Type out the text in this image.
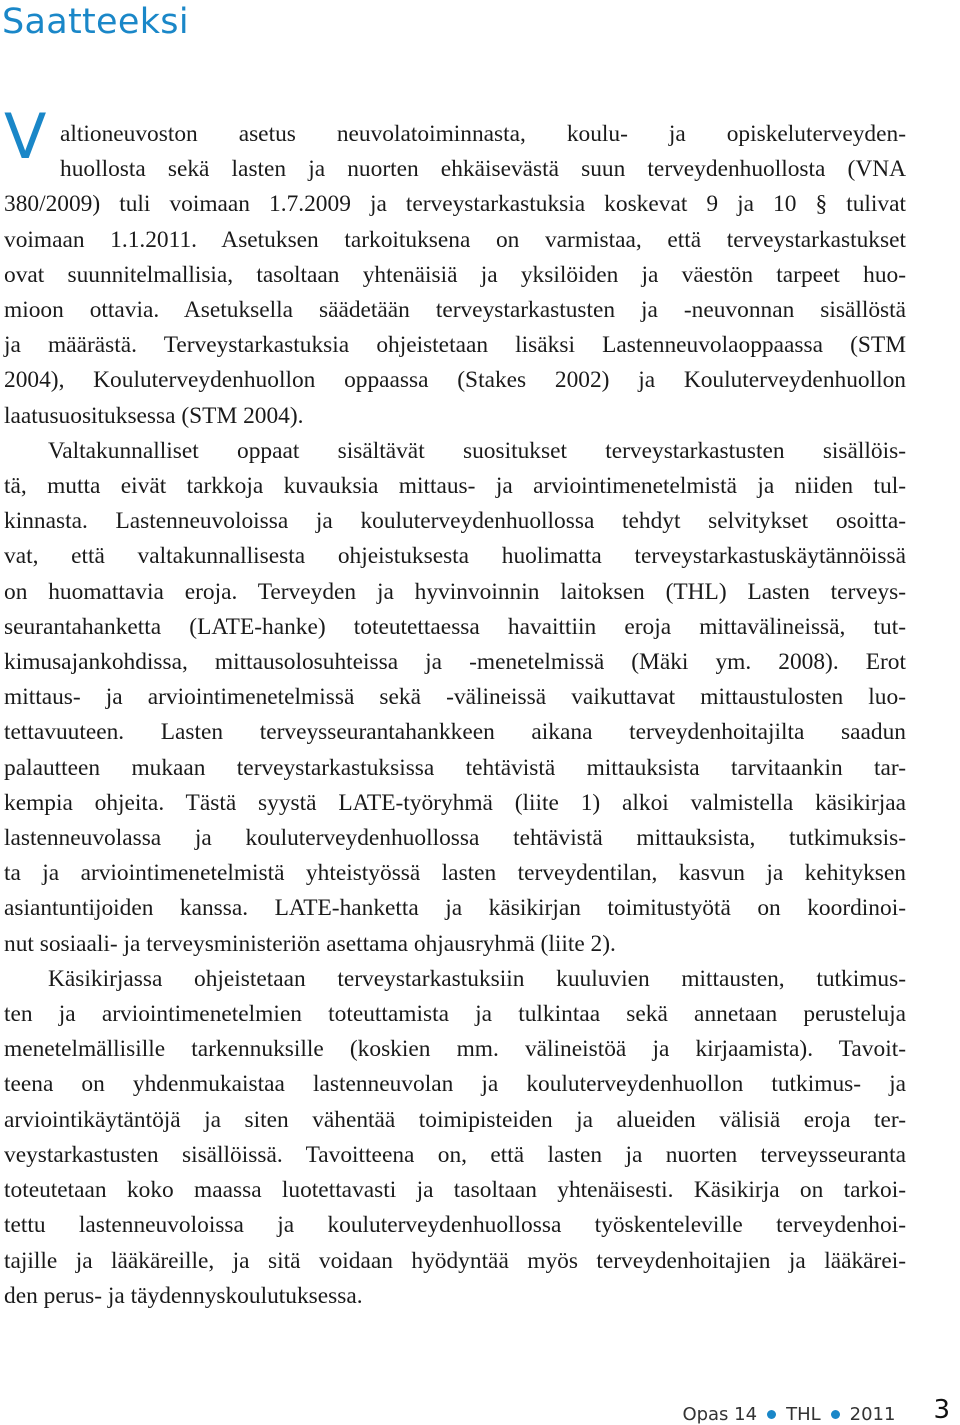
Saatteeksi
V altioneuvoston asetus neuvolatoiminnasta, koulu- ja opiskeluterveyden-
huollosta sekä lasten ja nuorten ehkäisevästä suun terveydenhuollosta (VNA
380/2009) tuli voimaan 1.7.2009 ja terveystarkastuksia koskevat 9 ja 10 § tulivat
voimaan 1.1.2011. Asetuksen tarkoituksena on varmistaa, että terveystarkastukset
ovat suunnitelmallisia, tasoltaan yhtenäisiä ja yksilöiden ja väestön tarpeet huo-
mioon ottavia. Asetuksella säädetään terveystarkastusten ja -neuvonnan sisällöstä
ja määrästä. Terveystarkastuksia ohjeistetaan lisäksi Lastenneuvolaoppaassa (STM
2004), Kouluterveydenhuollon oppaassa (Stakes 2002) ja Kouluterveydenhuollon
laatusuosituksessa (STM 2004).
Valtakunnalliset oppaat sisältävät suositukset terveystarkastusten sisällöis-
tä, mutta eivät tarkkoja kuvauksia mittaus- ja arviointimenetelmistä ja niiden tul-
kinnasta. Lastenneuvoloissa ja kouluterveydenhuollossa tehdyt selvitykset osoitta-
vat, että valtakunnallisesta ohjeistuksesta huolimatta terveystarkastuskäytännöissä
on huomattavia eroja. Terveyden ja hyvinvoinnin laitoksen (THL) Lasten terveys-
seurantahanketta (LATE-hanke) toteutettaessa havaittiin eroja mittavälineissä, tut-
kimusajankohdissa, mittausolosuhteissa ja -menetelmissä (Mäki ym. 2008). Erot
mittaus- ja arviointimenetelmissä sekä -välineissä vaikuttavat mittaustulosten luo-
tettavuuteen. Lasten terveysseurantahankkeen aikana terveydenhoitajilta saadun
palautteen mukaan terveystarkastuksissa tehtävistä mittauksista tarvitaankin tar-
kempia ohjeita. Tästä syystä LATE-työryhmä (liite 1) alkoi valmistella käsikirjaa
lastenneuvolassa ja kouluterveydenhuollossa tehtävistä mittauksista, tutkimuksis-
ta ja arviointimenetelmistä yhteistyössä lasten terveydentilan, kasvun ja kehityksen
asiantuntijoiden kanssa. LATE-hanketta ja käsikirjan toimitustyötä on koordinoi-
nut sosiaali- ja terveysministeriön asettama ohjausryhmä (liite 2).
Käsikirjassa ohjeistetaan terveystarkastuksiin kuuluvien mittausten, tutkimus-
ten ja arviointimenetelmien toteuttamista ja tulkintaa sekä annetaan perusteluja
menetelmällisille tarkennuksille (koskien mm. välineistöä ja kirjaamista). Tavoit-
teena on yhdenmukaistaa lastenneuvolan ja kouluterveydenhuollon tutkimus- ja
arviointikäytäntöjä ja siten vähentää toimipisteiden ja alueiden välisiä eroja ter-
veystarkastusten sisällöissä. Tavoitteena on, että lasten ja nuorten terveysseuranta
toteutetaan koko maassa luotettavasti ja tasoltaan yhtenäisesti. Käsikirja on tarkoi-
tettu lastenneuvoloissa ja kouluterveydenhuollossa työskenteleville terveydenhoi-
tajille ja lääkäreille, ja sitä voidaan hyödyntää myös terveydenhoitajien ja lääkärei-
den perus- ja täydennyskoulutuksessa.
Opas 14 THL 2011 3
